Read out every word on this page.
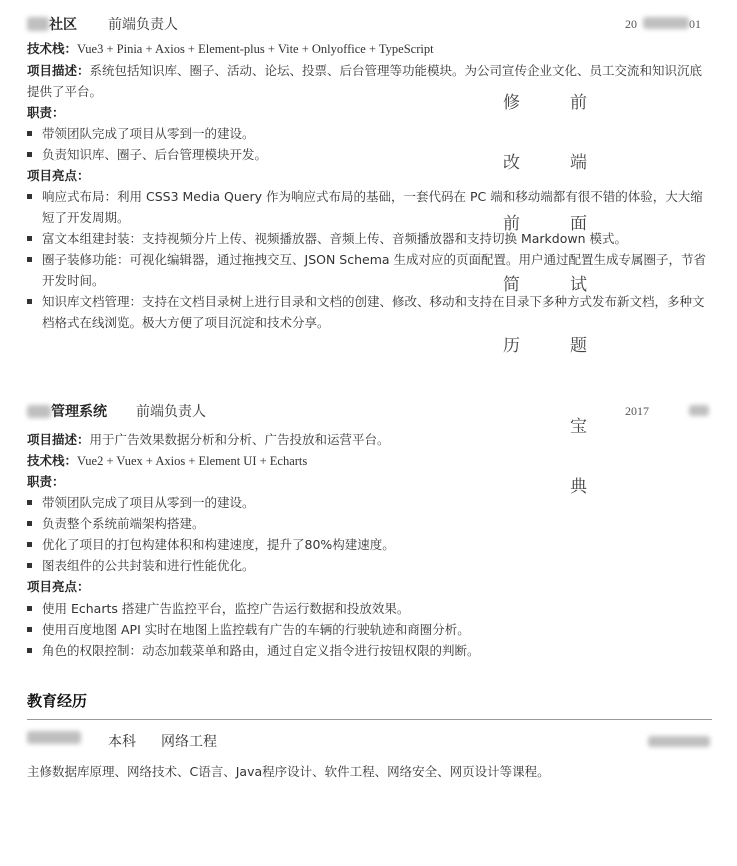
社区 前端负责人	20	01
技术栈：Vue3 + Pinia + Axios + Element-plus + Vite + Onlyoffice + TypeScript
项目描述：系统包括知识库、圈子、活动、论坛、投票、后台管理等功能模块。为公司宣传企业文化、员工交流和知识沉底提供了平台。
职责：
带领团队完成了项目从零到一的建设。
负责知识库、圈子、后台管理模块开发。
项目亮点：
响应式布局：利用 CSS3 Media Query 作为响应式布局的基础，一套代码在 PC 端和移动端都有很不错的体验，大大缩短了开发周期。
富文本组建封装：支持视频分片上传、视频播放器、音频上传、音频播放器和支持切换 Markdown 模式。
圈子装修功能：可视化编辑器，通过拖拽交互、JSON Schema 生成对应的页面配置。用户通过配置生成专属圈子，节省开发时间。
知识库文档管理：支持在文档目录树上进行目录和文档的创建、修改、移动和支持在目录下多种方式发布新文档，多种文档格式在线浏览。极大方便了项目沉淀和技术分享。
修
改
前
简
历
前
端
面
试
题
宝
典
管理系统 前端负责人	2017
项目描述：用于广告效果数据分析和分析、广告投放和运营平台。
技术栈：Vue2 + Vuex + Axios + Element UI + Echarts
职责：
带领团队完成了项目从零到一的建设。
负责整个系统前端架构搭建。
优化了项目的打包构建体积和构建速度，提升了80%构建速度。
图表组件的公共封装和进行性能优化。
项目亮点：
使用 Echarts 搭建广告监控平台，监控广告运行数据和投放效果。
使用百度地图 API 实时在地图上监控载有广告的车辆的行驶轨迹和商圈分析。
角色的权限控制：动态加载菜单和路由，通过自定义指令进行按钮权限的判断。
教育经历
本科 网络工程
主修数据库原理、网络技术、C语言、Java程序设计、软件工程、网络安全、网页设计等课程。
